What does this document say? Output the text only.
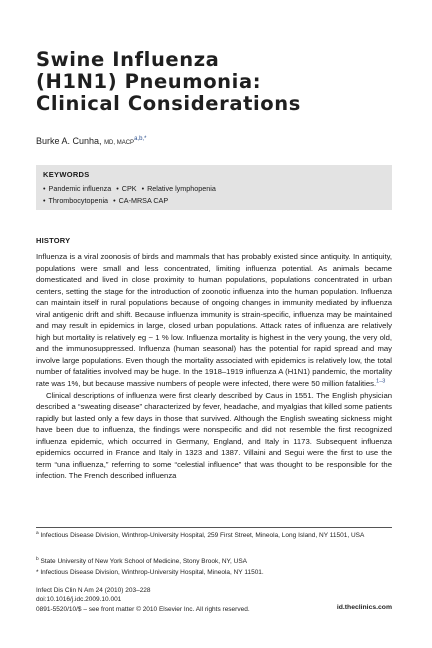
Swine Influenza
(H1N1) Pneumonia:
Clinical Considerations
Burke A. Cunha, MD, $MACP^{a,b,*}$
KEYWORDS
• Pandemic influenza • CPK • Relative lymphopenia
• Thrombocytopenia • CA-MRSA CAP
HISTORY

Influenza is a viral zoonosis of birds and mammals that has probably existed since antiquity. In antiquity, populations were small and less concentrated, limiting influenza potential. As animals became domesticated and lived in close proximity to human populations, populations concentrated in urban centers, setting the stage for the introduction of zoonotic influenza into the human population. Influenza can maintain itself in rural populations because of ongoing changes in immunity mediated by influenza viral antigenic drift and shift. Because influenza immunity is strain-specific, influenza may be maintained and may result in epidemics in large, closed urban populations. Attack rates of influenza are relatively high but mortality is relatively eg ~ 1 % low. Influenza mortality is highest in the very young, the very old, and the immunosuppressed. Influenza (human seasonal) has the potential for rapid spread and may involve large populations. Even though the mortality associated with epidemics is relatively low, the total number of fatalities involved may be huge. In the 1918–1919 influenza A (H1N1) pandemic, the mortality rate was 1%, but because massive numbers of people were infected, there were 50 million fatalities.$^{1-3}$

Clinical descriptions of influenza were first clearly described by Caus in 1551. The English physician described a “sweating disease” characterized by fever, headache, and myalgias that killed some patients rapidly but lasted only a few days in those that survived. Although the English sweating sickness might have been due to influenza, the findings were nonspecific and did not resemble the first recognized influenza epidemic, which occurred in Germany, England, and Italy in 1173. Subsequent influenza epidemics occurred in France and Italy in 1323 and 1387. Villaini and Segui were the first to use the term “una influenza,” referring to some “celestial influence” that was thought to be responsible for the infection. The French described influenza

$^a$ Infectious Disease Division, Winthrop-University Hospital, 259 First Street, Mineola, Long Island, NY 11501, USA
$^b$ State University of New York School of Medicine, Stony Brook, NY, USA
* Infectious Disease Division, Winthrop-University Hospital, Mineola, NY 11501.
Infect Dis Clin N Am 24 (2010) 203–228
doi:10.1016/j.idc.2009.10.001
0891-5520/10/$ – see front matter © 2010 Elsevier Inc. All rights reserved.	id.theclinics.com
